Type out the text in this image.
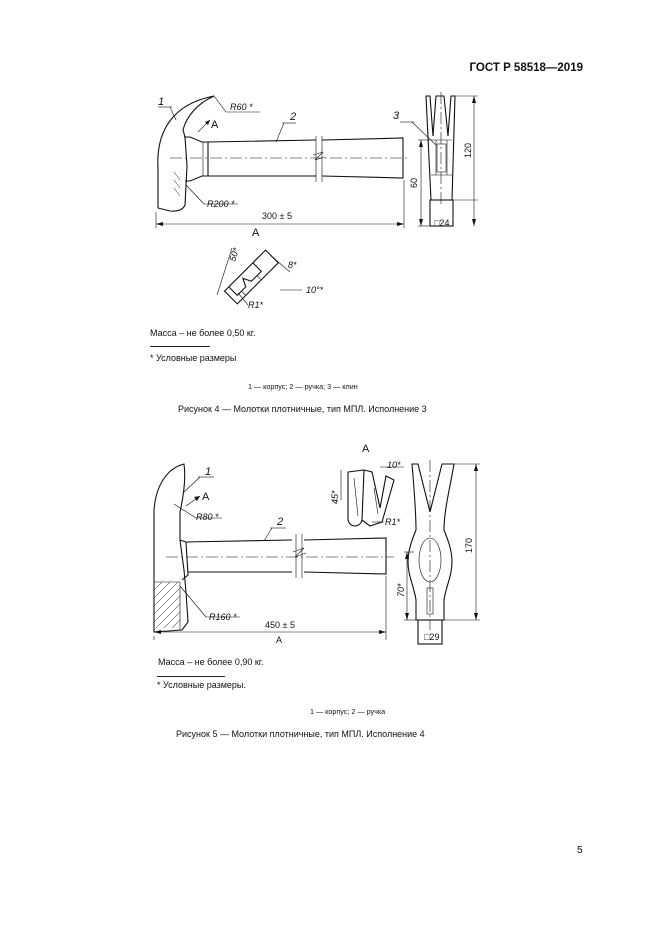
ГОСТ Р 58518—2019
R60 *
R200 *
A
1
2	3
300 ± 5
120
60
□24
A
50*
8*
10°*
R1*
Масса – не более 0,50 кг.
* Условные размеры
1 — корпус; 2 — ручка; 3 — клин
Рисунок 4 — Молотки плотничные, тип МПЛ. Исполнение 3
R80 *
R160 *
A
1
2
450 ± 5
A
A
45*
10*
R1*
170
70*
□29
Масса – не более 0,90 кг.
* Условные размеры.
1 — корпус; 2 — ручка
Рисунок 5 — Молотки плотничные, тип МПЛ. Исполнение 4
5
